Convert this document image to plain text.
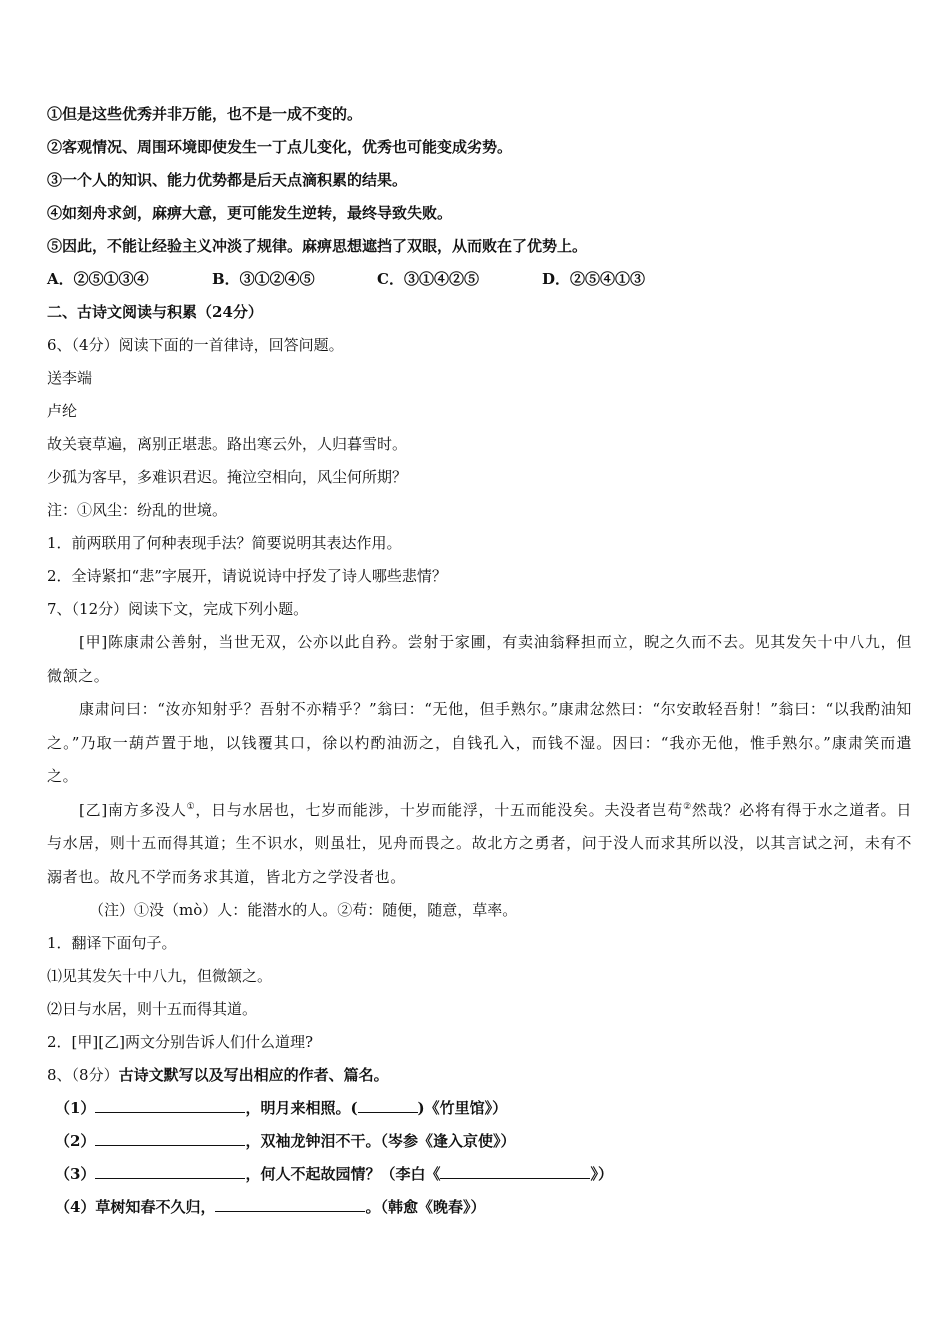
①但是这些优秀并非万能，也不是一成不变的。
②客观情况、周围环境即使发生一丁点儿变化，优秀也可能变成劣势。
③一个人的知识、能力优势都是后天点滴积累的结果。
④如刻舟求剑，麻痹大意，更可能发生逆转，最终导致失败。
⑤因此，不能让经验主义冲淡了规律。麻痹思想遮挡了双眼，从而败在了优势上。
A．②⑤①③④	B．③①②④⑤	C．③①④②⑤	D．②⑤④①③
二、古诗文阅读与积累（24分）
6、（4分）阅读下面的一首律诗，回答问题。
送李端
卢纶
故关衰草遍，离别正堪悲。路出寒云外，人归暮雪时。
少孤为客早，多难识君迟。掩泣空相向，风尘何所期？
注：①风尘：纷乱的世境。
1．前两联用了何种表现手法？简要说明其表达作用。
2．全诗紧扣“悲”字展开，请说说诗中抒发了诗人哪些悲情？
7、（12分）阅读下文，完成下列小题。
[甲]陈康肃公善射，当世无双，公亦以此自矜。尝射于家圃，有卖油翁释担而立，睨之久而不去。见其发矢十中八九，但微颔之。
康肃问曰：“汝亦知射乎？吾射不亦精乎？”翁曰：“无他，但手熟尔。”康肃忿然曰：“尔安敢轻吾射！”翁曰：“以我酌油知之。”乃取一葫芦置于地，以钱覆其口，徐以杓酌油沥之，自钱孔入，而钱不湿。因曰：“我亦无他，惟手熟尔。”康肃笑而遣之。
[乙]南方多没人①，日与水居也，七岁而能涉，十岁而能浮，十五而能没矣。夫没者岂苟②然哉？必将有得于水之道者。日与水居，则十五而得其道；生不识水，则虽壮，见舟而畏之。故北方之勇者，问于没人而求其所以没，以其言试之河，未有不溺者也。故凡不学而务求其道，皆北方之学没者也。
（注）①没（mò）人：能潜水的人。②苟：随便，随意，草率。
1．翻译下面句子。
⑴见其发矢十中八九，但微颔之。
⑵日与水居，则十五而得其道。
2．[甲][乙]两文分别告诉人们什么道理?
8、（8分）古诗文默写以及写出相应的作者、篇名。
（1）	，明月来相照。(	)《竹里馆》）
（2）	，双袖龙钟泪不干。（岑参《逢入京使》）
（3）	，何人不起故园情？（李白《	》）
（4）草树知春不久归，	。（韩愈《晚春》）
